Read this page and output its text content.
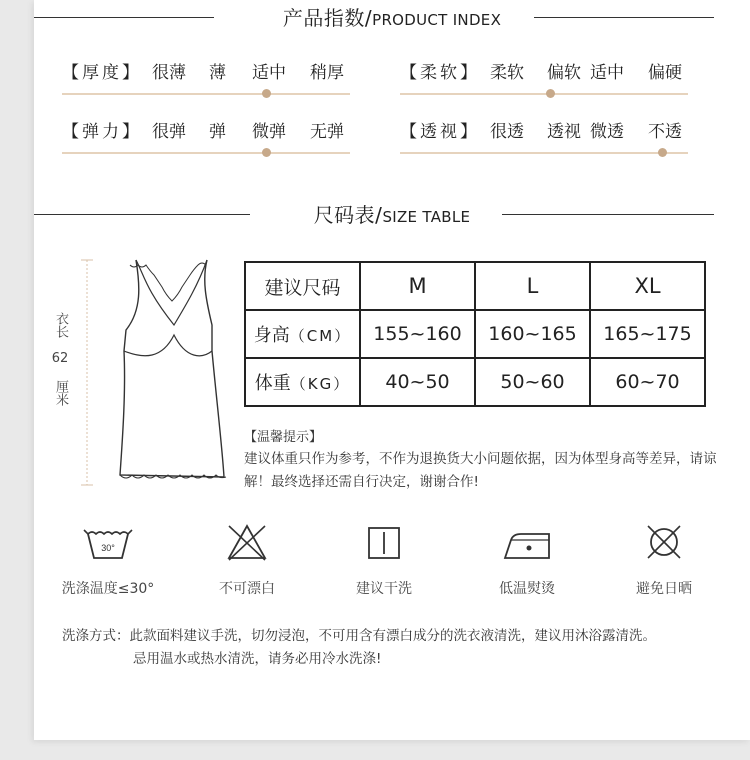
产品指数/PRODUCT INDEX
【厚度】 很薄 薄 适中 稍厚	【柔软】 柔软 偏软 适中 偏硬
【弹力】 很弹 弹 微弹 无弹	【透视】 很透 透视 微透 不透
尺码表/SIZE TABLE
衣长
62
厘米
建议尺码	M	L	XL
身高（CM）	155~160	160~165	165~175
体重（KG）	40~50	50~60	60~70
【温馨提示】
建议体重只作为参考，不作为退换货大小问题依据，因为体型身高等差异，请谅解！最终选择还需自行决定，谢谢合作!
30°
洗涤温度≤30°	不可漂白	建议干洗	低温熨烫	避免日晒
洗涤方式：此款面料建议手洗，切勿浸泡，不可用含有漂白成分的洗衣液清洗，建议用沐浴露清洗。
忌用温水或热水清洗，请务必用冷水洗涤!
